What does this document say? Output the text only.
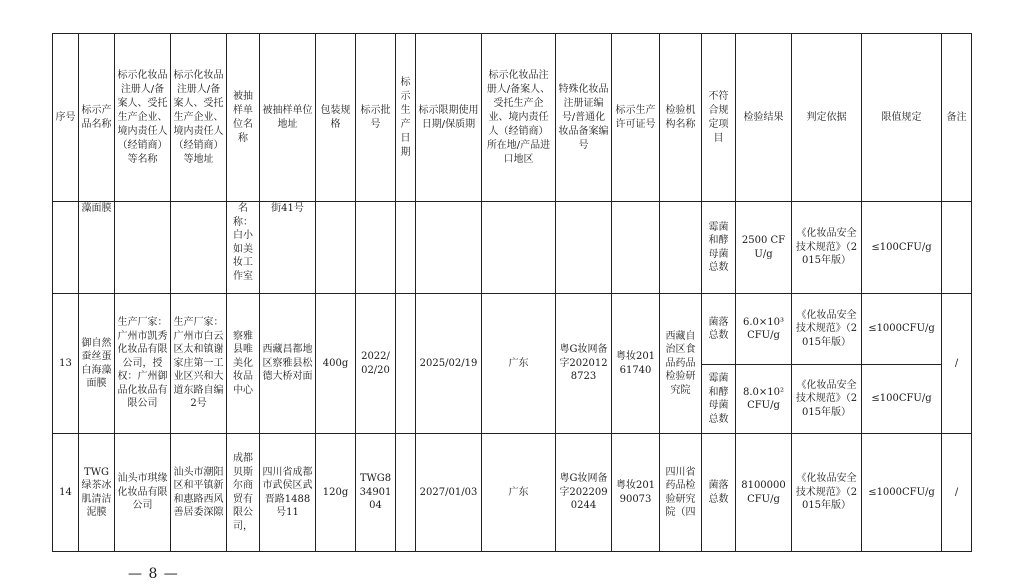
序号	标示产品名称	标示化妆品注册人/备案人、受托生产企业、境内责任人（经销商）等名称	标示化妆品注册人/备案人、受托生产企业、境内责任人（经销商）等地址	被抽样单位名称	被抽样单位地址	包装规格	标示批号	标示生产日期	标示限期使用日期/保质期	标示化妆品注册人/备案人、受托生产企业、境内责任人（经销商）所在地/产品进口地区	特殊化妆品注册证编号/普通化妆品备案编号	标示生产许可证号	检验机构名称	不符合规定项目	检验结果	判定依据	限值规定	备注
	藻面膜			名称：白小如美妆工作室	街41号									霉菌和酵母菌总数	2500 CFU/g	《化妆品安全技术规范》（2015年版）	≤100CFU/g	
13	御自然蚕丝蛋白海藻面膜	生产厂家：广州市凯秀化妆品有限公司，授权：广州御品化妆品有限公司	生产厂家：广州市白云区太和镇谢家庄第一工业区兴和大道东路自编2号	察雅县唯美化妆品中心	西藏昌都地区察雅县松德大桥对面	400g	2022/02/20		2025/02/19	广东	粤G妆网备字2020128723	粤妆20161740	西藏自治区食品药品检验研究院	菌落总数	6.0×10³ CFU/g	《化妆品安全技术规范》（2015年版）	≤1000CFU/g	/
														霉菌和酵母菌总数	8.0×10² CFU/g	《化妆品安全技术规范》（2015年版）	≤100CFU/g	
14	TWG绿茶冰肌清洁泥膜	汕头市琪缘化妆品有限公司	汕头市潮阳区和平镇新和惠路西风善居委深隙	成都贝斯尔商贸有限公司，	四川省成都市武侯区武晋路1488号11	120g	TWG83490104		2027/01/03	广东	粤G妆网备字2022090244	粤妆20190073	四川省药品检验研究院（四	菌落总数	8100000 CFU/g	《化妆品安全技术规范》（2015年版）	≤1000CFU/g	/
— 8 —
